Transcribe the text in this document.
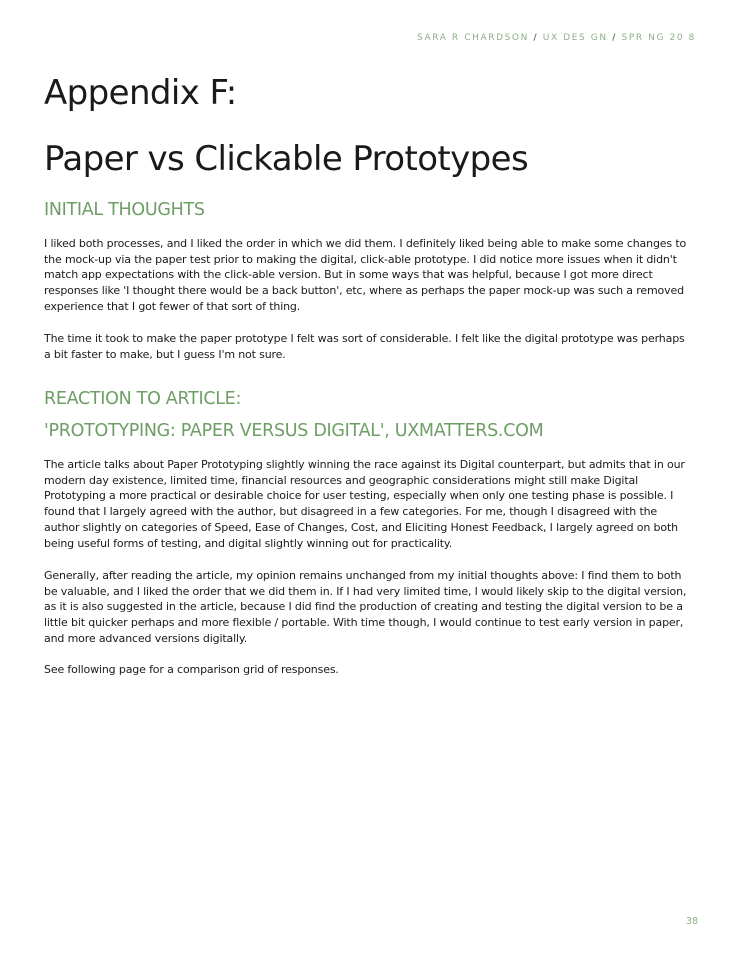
SARA R CHARDSON / UX DES GN / SPR NG 20 8
Appendix F:
Paper vs Clickable Prototypes
INITIAL THOUGHTS

I liked both processes, and I liked the order in which we did them. I definitely liked being able to make some changes to the mock-up via the paper test prior to making the digital, click-able prototype. I did notice more issues when it didn't match app expectations with the click-able version. But in some ways that was helpful, because I got more direct responses like 'I thought there would be a back button', etc, where as perhaps the paper mock-up was such a removed experience that I got fewer of that sort of thing.

The time it took to make the paper prototype I felt was sort of considerable. I felt like the digital prototype was perhaps a bit faster to make, but I guess I'm not sure.

REACTION TO ARTICLE:
'PROTOTYPING: PAPER VERSUS DIGITAL', UXMATTERS.COM

The article talks about Paper Prototyping slightly winning the race against its Digital counterpart, but admits that in our modern day existence, limited time, financial resources and geographic considerations might still make Digital Prototyping a more practical or desirable choice for user testing, especially when only one testing phase is possible. I found that I largely agreed with the author, but disagreed in a few categories. For me, though I disagreed with the author slightly on categories of Speed, Ease of Changes, Cost, and Eliciting Honest Feedback, I largely agreed on both being useful forms of testing, and digital slightly winning out for practicality.

Generally, after reading the article, my opinion remains unchanged from my initial thoughts above: I find them to both be valuable, and I liked the order that we did them in. If I had very limited time, I would likely skip to the digital version, as it is also suggested in the article, because I did find the production of creating and testing the digital version to be a little bit quicker perhaps and more flexible / portable. With time though, I would continue to test early version in paper, and more advanced versions digitally.

See following page for a comparison grid of responses.

38
